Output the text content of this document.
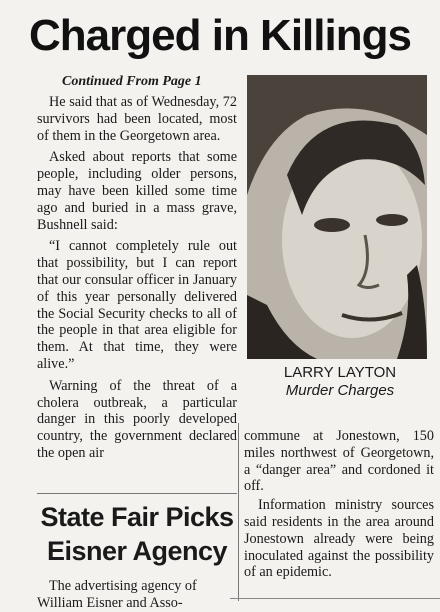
Charged in Killings
Continued From Page 1

He said that as of Wednesday, 72 survivors had been located, most of them in the Georgetown area.

Asked about reports that some people, including older persons, may have been killed some time ago and buried in a mass grave, Bushnell said:

“I cannot completely rule out that possibility, but I can report that our consular officer in January of this year personally delivered the Social Security checks to all of the people in that area eligible for them. At that time, they were alive.”

Warning of the threat of a cholera outbreak, a particular danger in this poorly developed country, the government declared the open air

LARRY LAYTON
Murder Charges

commune at Jonestown, 150 miles northwest of Georgetown, a “danger area” and cordoned it off.

Information ministry sources said residents in the area around Jonestown already were being inoculated against the possibility of an epidemic.

State Fair Picks Eisner Agency
The advertising agency of William Eisner and Asso-
